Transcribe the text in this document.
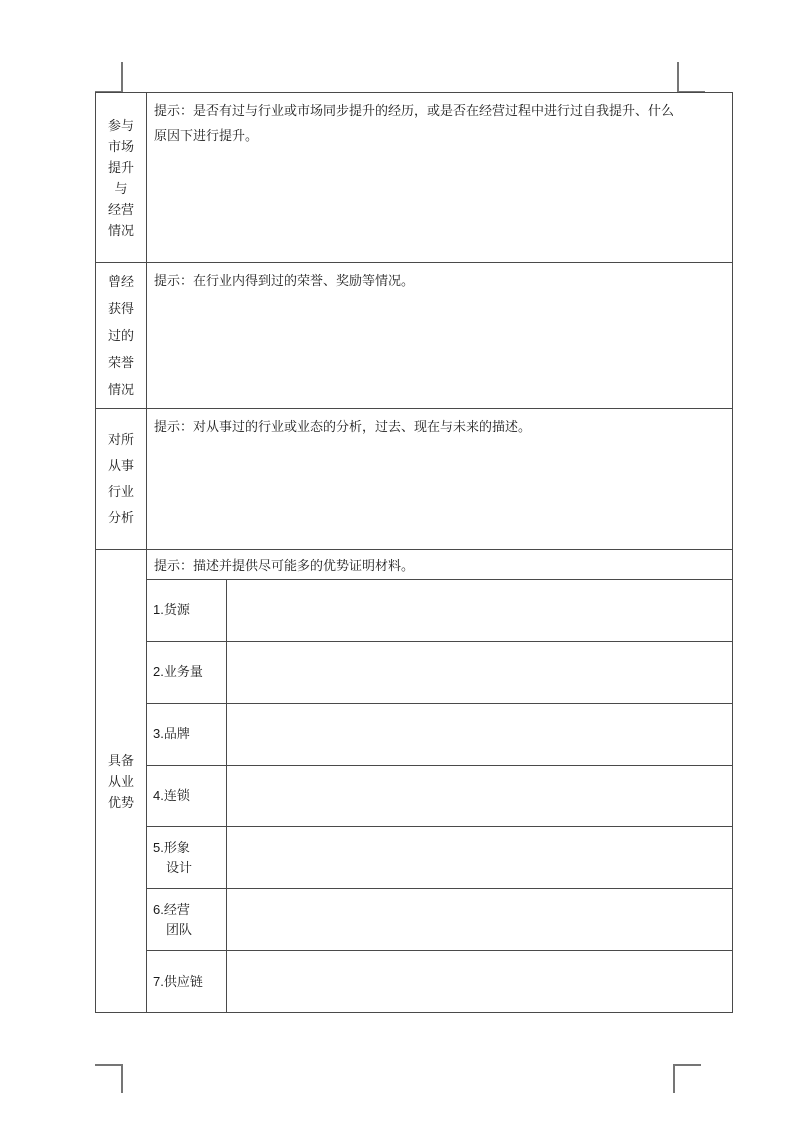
参与
市场
提升
与
经营
情况
提示：是否有过与行业或市场同步提升的经历，或是否在经营过程中进行过自我提升、什么
原因下进行提升。
曾经
获得
过的
荣誉
情况
提示：在行业内得到过的荣誉、奖励等情况。
对所
从事
行业
分析
提示：对从事过的行业或业态的分析，过去、现在与未来的描述。
具备
从业
优势
提示：描述并提供尽可能多的优势证明材料。
1.货源
2.业务量
3.品牌
4.连锁
5.形象
设计
6.经营
团队
7.供应链
